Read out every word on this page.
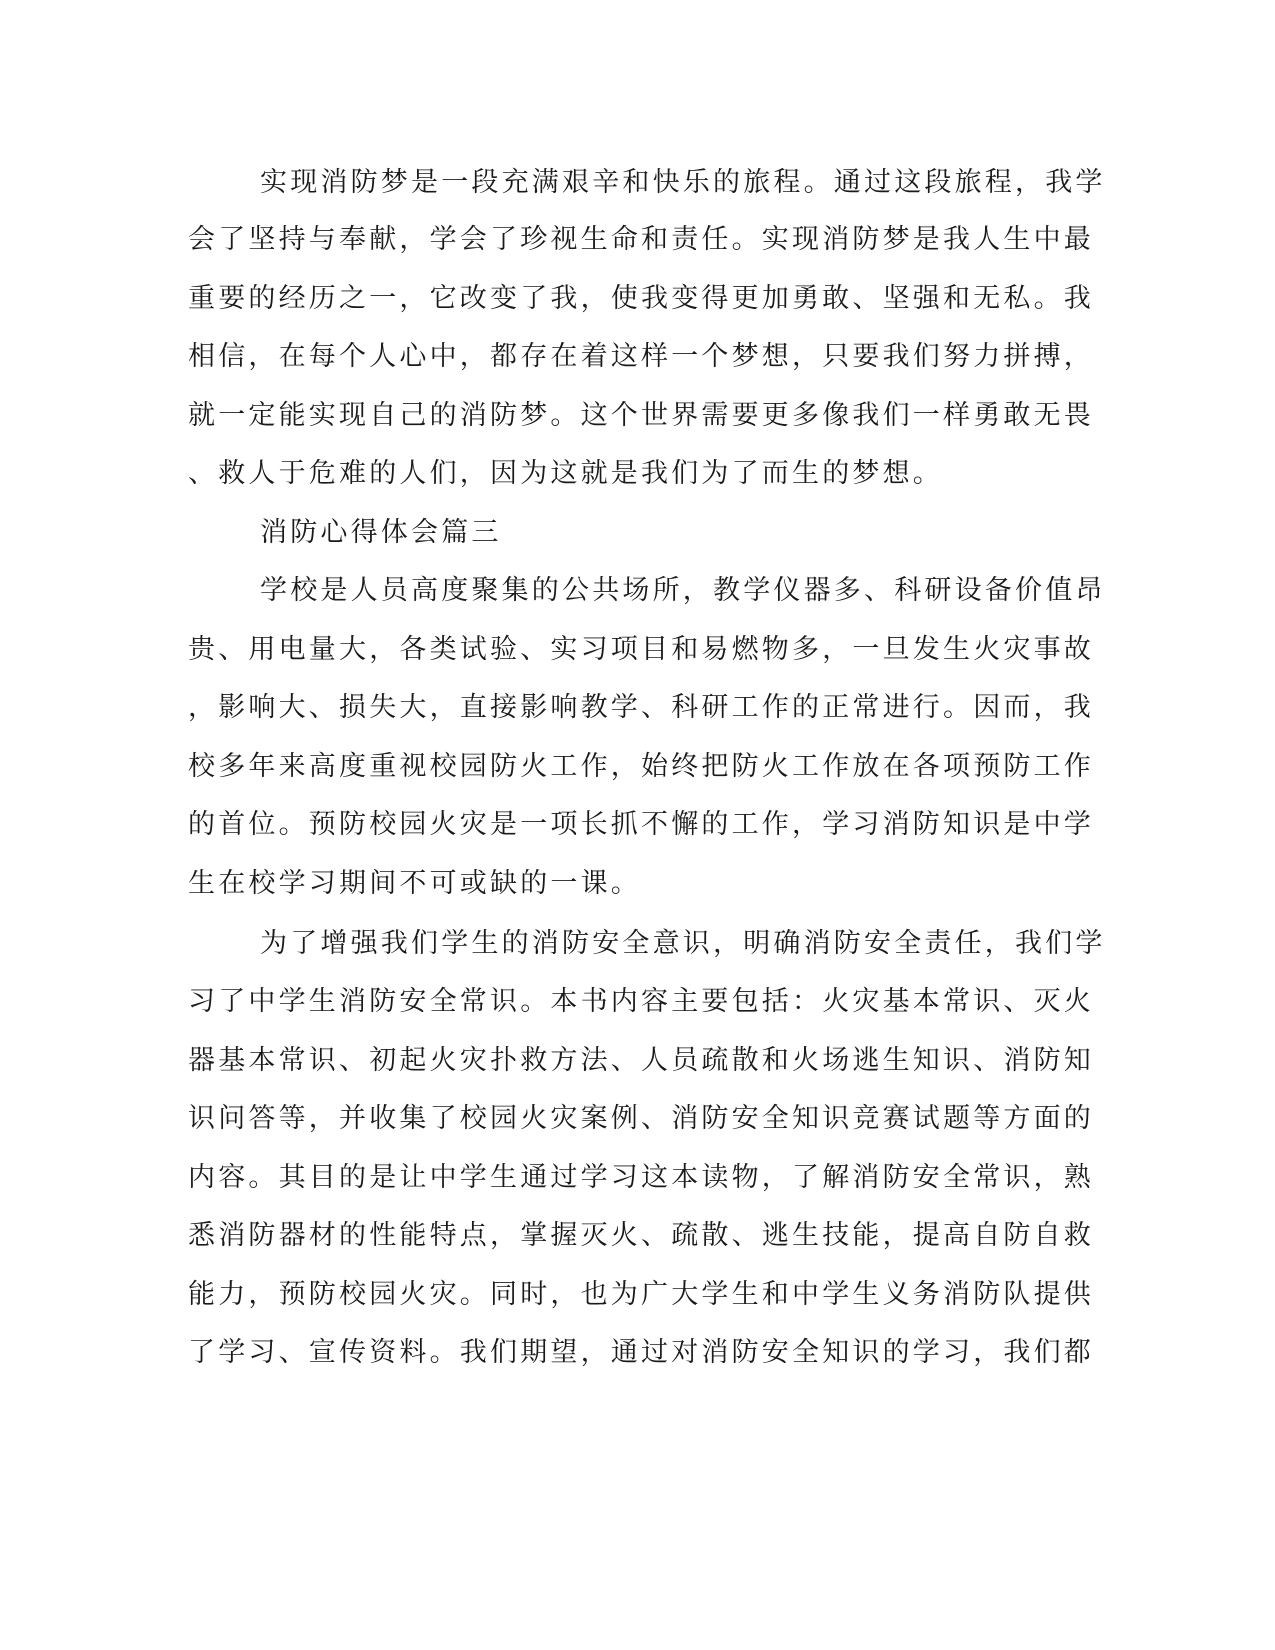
实现消防梦是一段充满艰辛和快乐的旅程。通过这段旅程，我学

会了坚持与奉献，学会了珍视生命和责任。实现消防梦是我人生中最

重要的经历之一，它改变了我，使我变得更加勇敢、坚强和无私。我

相信，在每个人心中，都存在着这样一个梦想，只要我们努力拼搏，

就一定能实现自己的消防梦。这个世界需要更多像我们一样勇敢无畏

、救人于危难的人们，因为这就是我们为了而生的梦想。

消防心得体会篇三

学校是人员高度聚集的公共场所，教学仪器多、科研设备价值昂

贵、用电量大，各类试验、实习项目和易燃物多，一旦发生火灾事故

，影响大、损失大，直接影响教学、科研工作的正常进行。因而，我

校多年来高度重视校园防火工作，始终把防火工作放在各项预防工作

的首位。预防校园火灾是一项长抓不懈的工作，学习消防知识是中学

生在校学习期间不可或缺的一课。

为了增强我们学生的消防安全意识，明确消防安全责任，我们学

习了中学生消防安全常识。本书内容主要包括：火灾基本常识、灭火

器基本常识、初起火灾扑救方法、人员疏散和火场逃生知识、消防知

识问答等，并收集了校园火灾案例、消防安全知识竞赛试题等方面的

内容。其目的是让中学生通过学习这本读物，了解消防安全常识，熟

悉消防器材的性能特点，掌握灭火、疏散、逃生技能，提高自防自救

能力，预防校园火灾。同时，也为广大学生和中学生义务消防队提供

了学习、宣传资料。我们期望，通过对消防安全知识的学习，我们都
